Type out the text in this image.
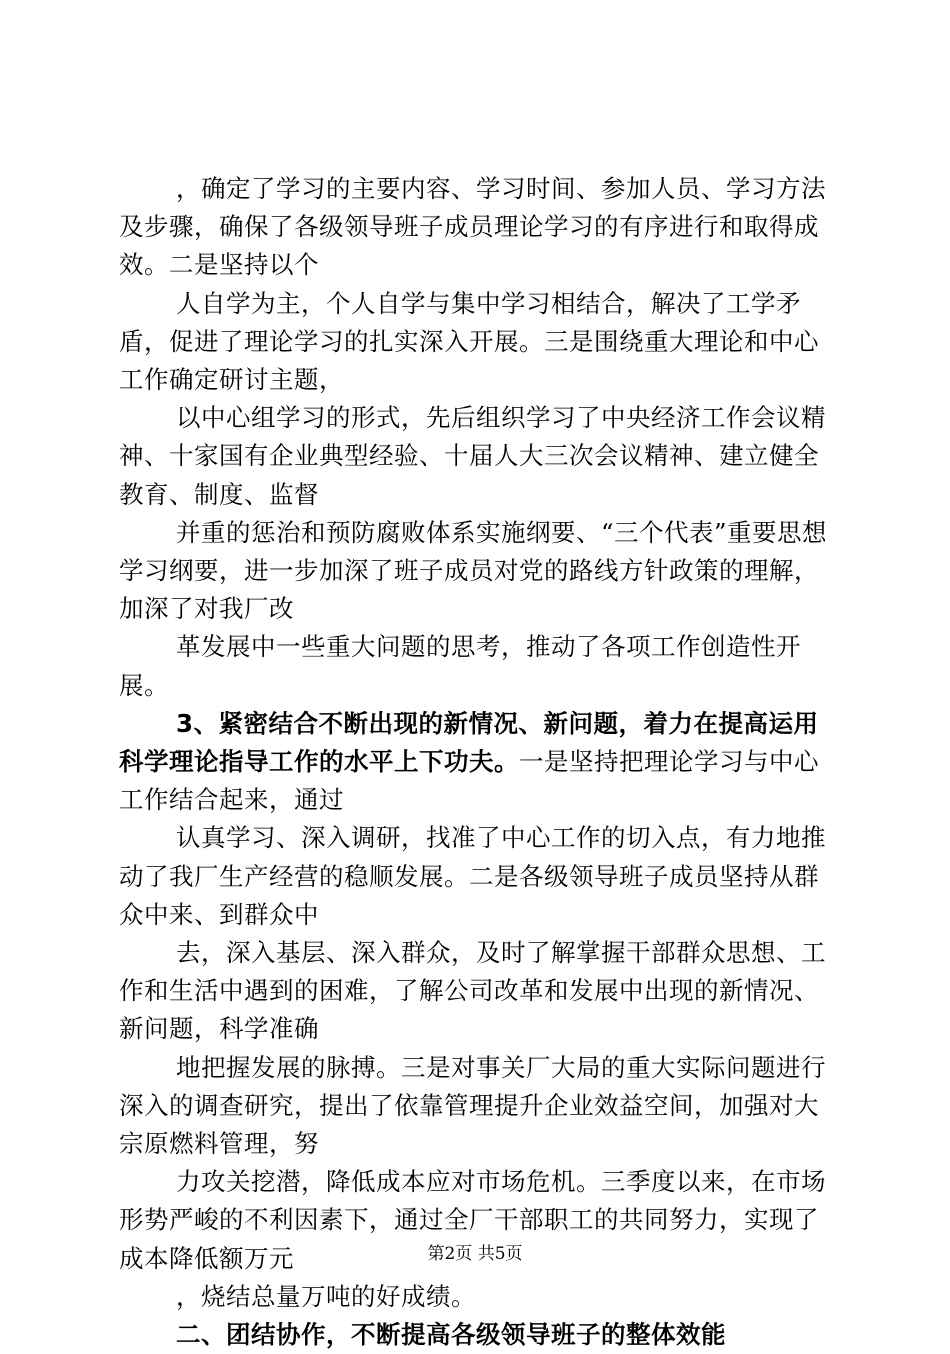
，确定了学习的主要内容、学习时间、参加人员、学习方法及步骤，确保了各级领导班子成员理论学习的有序进行和取得成效。二是坚持以个

人自学为主，个人自学与集中学习相结合，解决了工学矛盾，促进了理论学习的扎实深入开展。三是围绕重大理论和中心工作确定研讨主题，

以中心组学习的形式，先后组织学习了中央经济工作会议精神、十家国有企业典型经验、十届人大三次会议精神、建立健全教育、制度、监督

并重的惩治和预防腐败体系实施纲要、“三个代表”重要思想学习纲要，进一步加深了班子成员对党的路线方针政策的理解，加深了对我厂改

革发展中一些重大问题的思考，推动了各项工作创造性开展。

3、紧密结合不断出现的新情况、新问题，着力在提高运用科学理论指导工作的水平上下功夫。一是坚持把理论学习与中心工作结合起来，通过

认真学习、深入调研，找准了中心工作的切入点，有力地推动了我厂生产经营的稳顺发展。二是各级领导班子成员坚持从群众中来、到群众中

去，深入基层、深入群众，及时了解掌握干部群众思想、工作和生活中遇到的困难，了解公司改革和发展中出现的新情况、新问题，科学准确

地把握发展的脉搏。三是对事关厂大局的重大实际问题进行深入的调查研究，提出了依靠管理提升企业效益空间，加强对大宗原燃料管理，努

力攻关挖潜，降低成本应对市场危机。三季度以来，在市场形势严峻的不利因素下，通过全厂干部职工的共同努力，实现了成本降低额万元

，烧结总量万吨的好成绩。

二、团结协作，不断提高各级领导班子的整体效能

第2页 共5页
